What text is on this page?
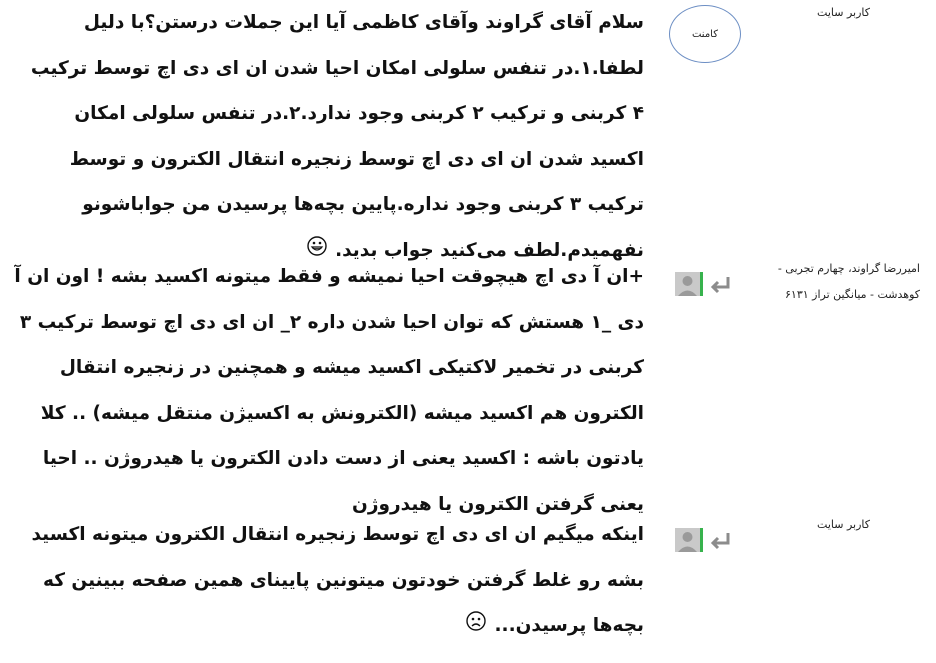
کاربر سایت
کامنت
سلام آقای گراوند وآقای کاظمی آیا این جملات درستن؟با دلیل لطفا.۱.در تنفس سلولی امکان احیا شدن ان ای دی اچ توسط ترکیب ۴ کربنی و ترکیب ۲ کربنی وجود ندارد.۲.در تنفس سلولی امکان اکسید شدن ان ای دی اچ توسط زنجیره انتقال الکترون و توسط ترکیب ۳ کربنی وجود نداره.پایین بچه‌ها پرسیدن من جواباشونو نفهمیدم.لطف می‌کنید جواب بدید.
امیررضا گراوند، چهارم تجربی -
کوهدشت - میانگین تراز ۶۱۳۱
+ان آ دی اچ هیچوقت احیا نمیشه و فقط میتونه اکسید بشه ! اون ان آ دی _۱ هستش که توان احیا شدن داره ۲_ ان ای دی اچ توسط ترکیب ۳ کربنی در تخمیر لاکتیکی اکسید میشه و همچنین در زنجیره انتقال الکترون هم اکسید میشه (الکترونش به اکسیژن منتقل میشه) .. کلا یادتون باشه : اکسید یعنی از دست دادن الکترون یا هیدروژن .. احیا یعنی گرفتن الکترون یا هیدروژن
کاربر سایت
اینکه میگیم ان ای دی اچ توسط زنجیره انتقال الکترون میتونه اکسید بشه رو غلط گرفتن خودتون میتونین پایینای همین صفحه ببینین که بچه‌ها پرسیدن...
